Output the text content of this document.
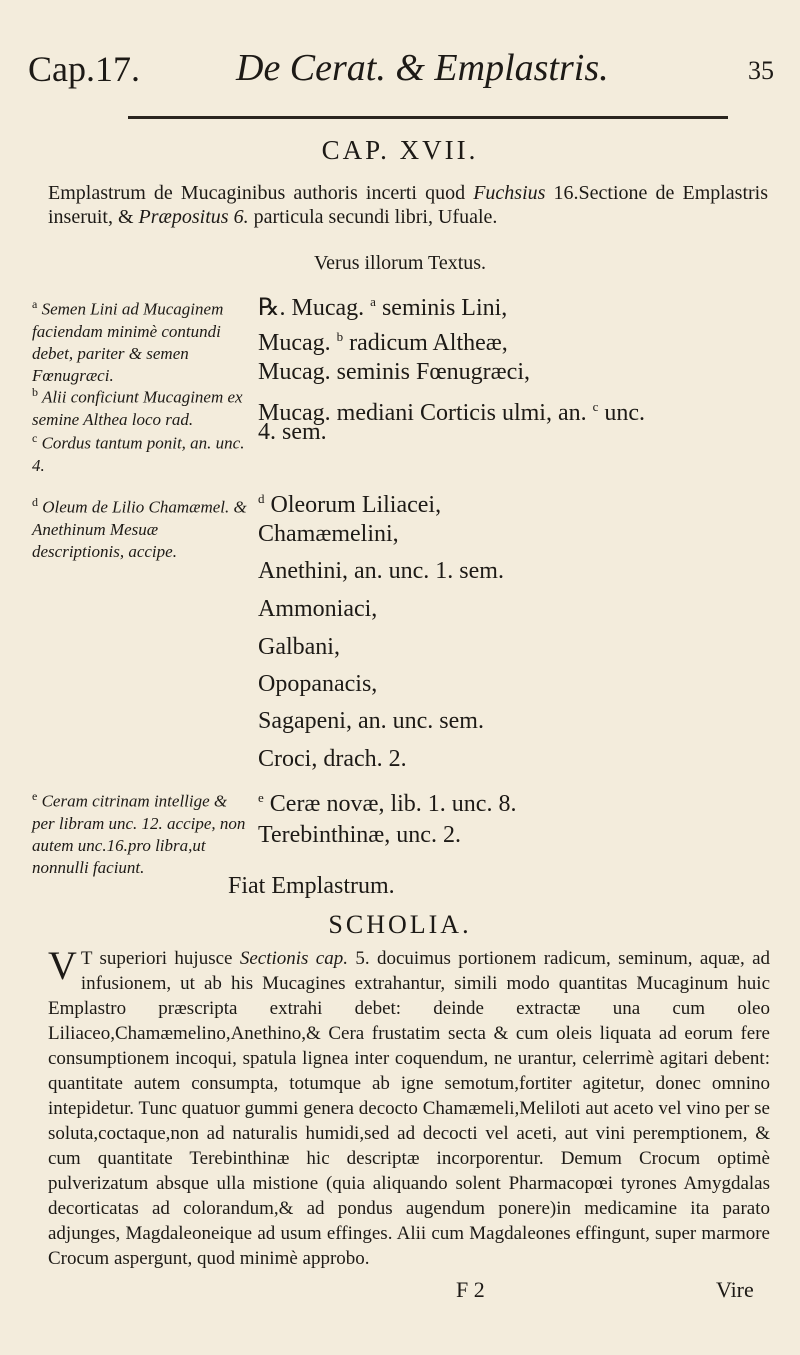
Cap.17.	De Cerat. & Emplastris.	35
CAP. XVII.
Emplastrum de Mucaginibus authoris incerti quod Fuchsius 16.Sectione de Emplastris inseruit, & Præpositus 6. particula secundi libri, Ufuale.
Verus illorum Textus.
$^a$ Semen Lini ad Mucaginem faciendam minimè contundi debet, pariter & semen Fœnugræci.
$^b$ Alii conficiunt Mucaginem ex semine Althea loco rad.
$^c$ Cordus tantum ponit, an. unc. 4.
$^d$ Oleum de Lilio Chamæmel. & Anethinum Mesuæ descriptionis, accipe.
$^e$ Ceram citrinam intellige & per libram unc. 12. accipe, non autem unc.16.pro libra,ut nonnulli faciunt.
℞. Mucag. $^a$ seminis Lini,
Mucag. $^b$ radicum Altheæ,
Mucag. seminis Fœnugræci,
Mucag. mediani Corticis ulmi, an. $^c$ unc.
4. sem.
$^d$ Oleorum Liliacei,
Chamæmelini,
Anethini, an. unc. 1. sem.
Ammoniaci,
Galbani,
Opopanacis,
Sagapeni, an. unc. sem.
Croci, drach. 2.
$^e$ Ceræ novæ, lib. 1. unc. 8.
Terebinthinæ, unc. 2.
Fiat Emplastrum.
SCHOLIA.
V T superiori hujusce Sectionis cap. 5. docuimus portionem radicum, seminum, aquæ, ad infusionem, ut ab his Mucagines extrahantur, simili modo quantitas Mucaginum huic Emplastro præscripta extrahi debet: deinde extractæ una cum oleo Liliaceo,Chamæmelino,Anethino,& Cera frustatim secta & cum oleis liquata ad eorum fere consumptionem incoqui, spatula lignea inter coquendum, ne urantur, celerrimè agitari debent: quantitate autem consumpta, totumque ab igne semotum,fortiter agitetur, donec omnino intepidetur. Tunc quatuor gummi genera decocto Chamæmeli,Meliloti aut aceto vel vino per se soluta,coctaque,non ad naturalis humidi,sed ad decocti vel aceti, aut vini peremptionem, & cum quantitate Terebinthinæ hic descriptæ incorporentur. Demum Crocum optimè pulverizatum absque ulla mistione (quia aliquando solent Pharmacopœi tyrones Amygdalas decorticatas ad colorandum,& ad pondus augendum ponere)in medicamine ita parato adjunges, Magdaleoneique ad usum effinges. Alii cum Magdaleones effingunt, super marmore Crocum aspergunt, quod minimè approbo.
F 2	Vire
